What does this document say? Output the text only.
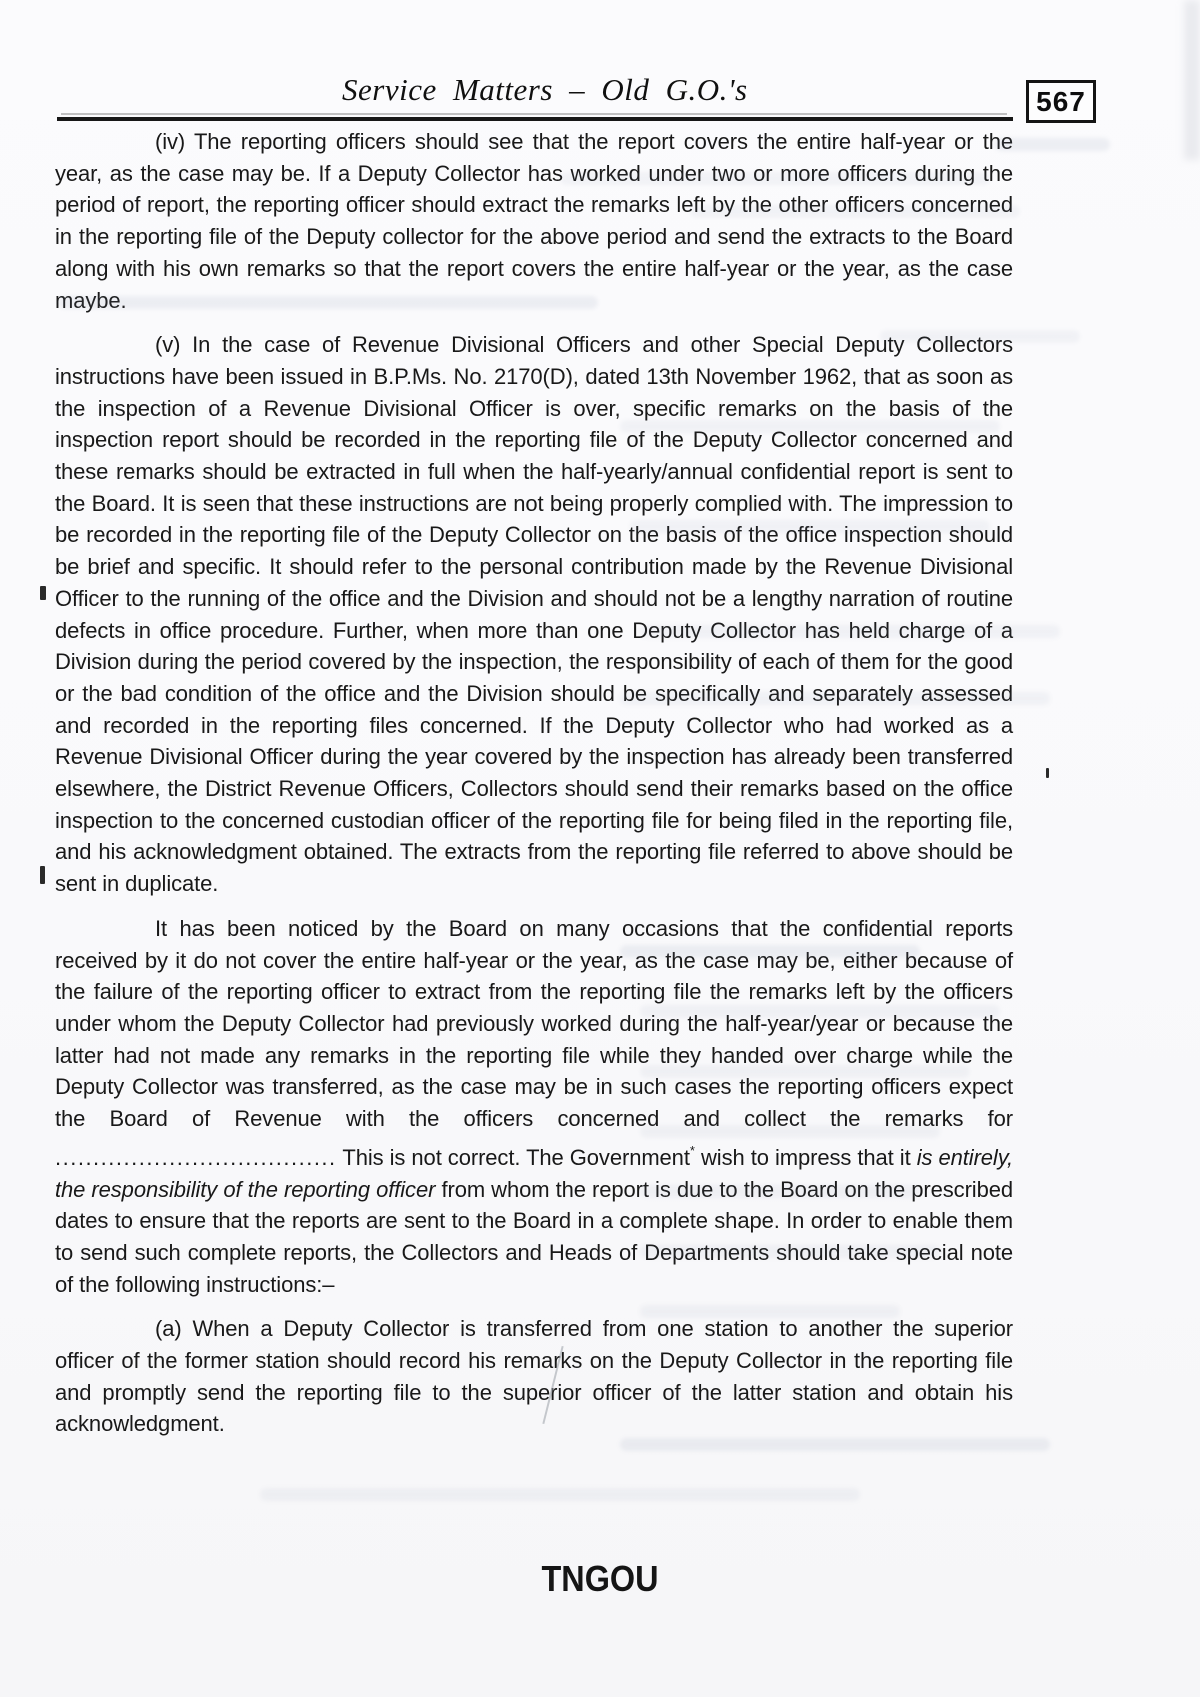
Service Matters – Old G.O.'s	567

(iv) The reporting officers should see that the report covers the entire half-year or the year, as the case may be. If a Deputy Collector has worked under two or more officers during the period of report, the reporting officer should extract the remarks left by the other officers concerned in the reporting file of the Deputy collector for the above period and send the extracts to the Board along with his own remarks so that the report covers the entire half-year or the year, as the case maybe.

(v) In the case of Revenue Divisional Officers and other Special Deputy Collectors instructions have been issued in B.P.Ms. No. 2170(D), dated 13th November 1962, that as soon as the inspection of a Revenue Divisional Officer is over, specific remarks on the basis of the inspection report should be recorded in the reporting file of the Deputy Collector concerned and these remarks should be extracted in full when the half-yearly/annual confidential report is sent to the Board. It is seen that these instructions are not being properly complied with. The impression to be recorded in the reporting file of the Deputy Collector on the basis of the office inspection should be brief and specific. It should refer to the personal contribution made by the Revenue Divisional Officer to the running of the office and the Division and should not be a lengthy narration of routine defects in office procedure. Further, when more than one Deputy Collector has held charge of a Division during the period covered by the inspection, the responsibility of each of them for the good or the bad condition of the office and the Division should be specifically and separately assessed and recorded in the reporting files concerned. If the Deputy Collector who had worked as a Revenue Divisional Officer during the year covered by the inspection has already been transferred elsewhere, the District Revenue Officers, Collectors should send their remarks based on the office inspection to the concerned custodian officer of the reporting file for being filed in the reporting file, and his acknowledgment obtained. The extracts from the reporting file referred to above should be sent in duplicate.

It has been noticed by the Board on many occasions that the confidential reports received by it do not cover the entire half-year or the year, as the case may be, either because of the failure of the reporting officer to extract from the reporting file the remarks left by the officers under whom the Deputy Collector had previously worked during the half-year/year or because the latter had not made any remarks in the reporting file while they handed over charge while the Deputy Collector was transferred, as the case may be in such cases the reporting officers expect the Board of Revenue with the officers concerned and collect the remarks for ..................................... This is not correct. The Government* wish to impress that it is entirely, the responsibility of the reporting officer from whom the report is due to the Board on the prescribed dates to ensure that the reports are sent to the Board in a complete shape. In order to enable them to send such complete reports, the Collectors and Heads of Departments should take special note of the following instructions:–

(a) When a Deputy Collector is transferred from one station to another the superior officer of the former station should record his remarks on the Deputy Collector in the reporting file and promptly send the reporting file to the superior officer of the latter station and obtain his acknowledgment.

TNGOU
